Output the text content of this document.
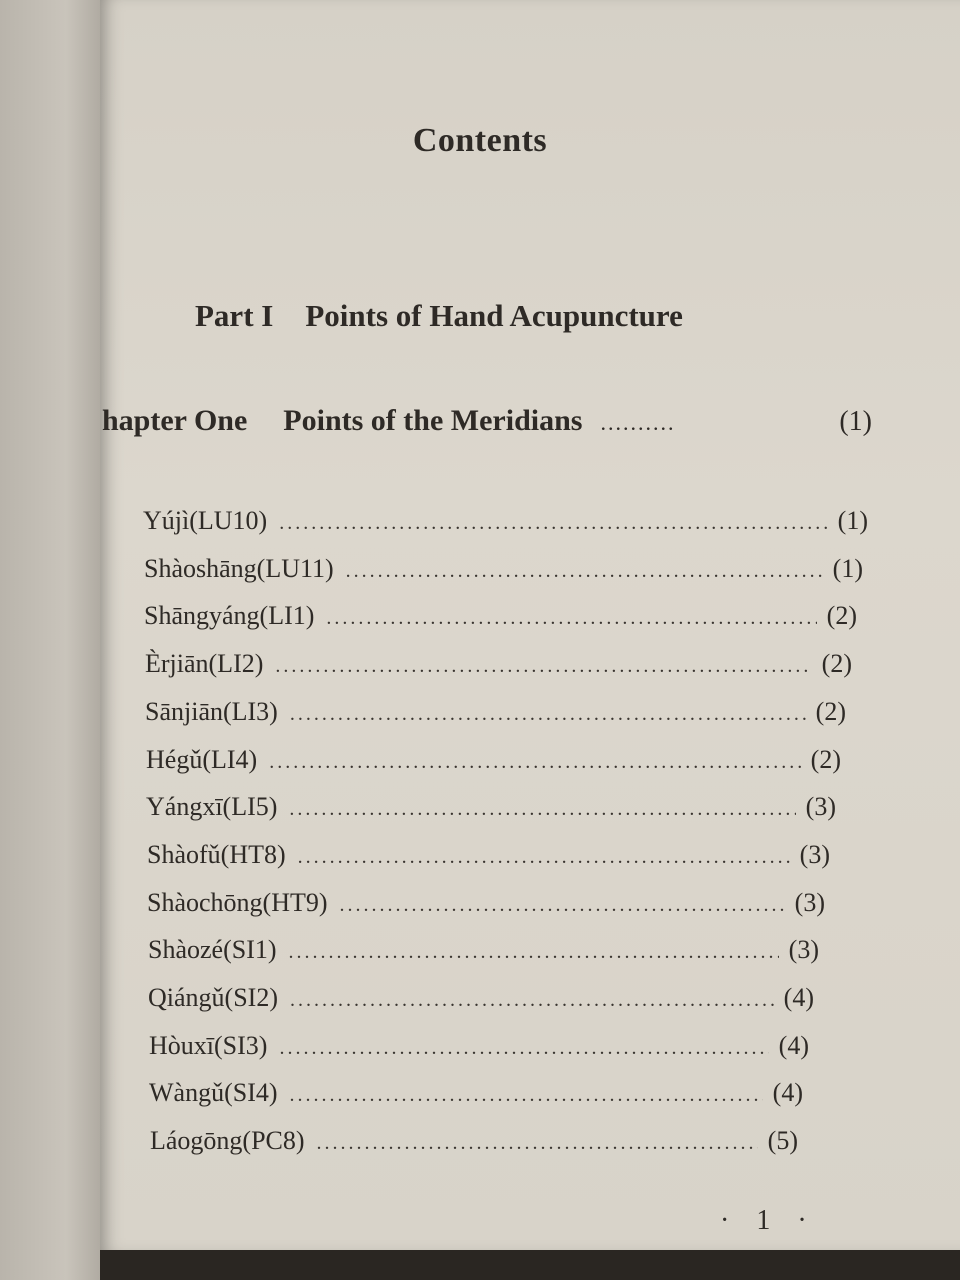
Contents
Part I Points of Hand Acupuncture
hapter One Points of the Meridians ..........	(1)
Yújì(LU10) .....	(1)
Shàoshāng(LU11) .....	(1)
Shāngyáng(LI1) .....	(2)
Èrjiān(LI2) .....	(2)
Sānjiān(LI3) .....	(2)
Hégǔ(LI4) .....	(2)
Yángxī(LI5) .....	(3)
Shàofǔ(HT8) .....	(3)
Shàochōng(HT9) .....	(3)
Shàozé(SI1) .....	(3)
Qiángǔ(SI2) .....	(4)
Hòuxī(SI3) .....	(4)
Wàngǔ(SI4) .....	(4)
Láogōng(PC8) .....	(5)
· 1 ·
